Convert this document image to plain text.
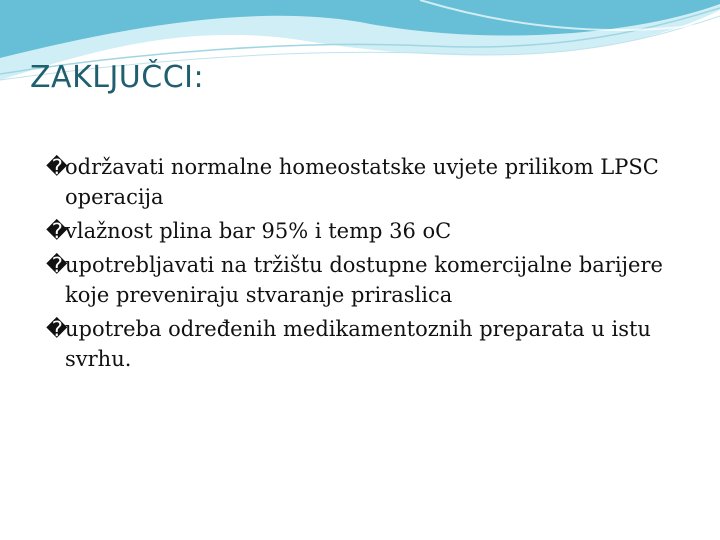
ZAKLJUČCI:
�
održavati normalne homeostatske uvjete prilikom LPSC operacija
�
vlažnost plina bar 95% i temp 36 oC
�
upotrebljavati na tržištu dostupne komercijalne barijere koje preveniraju stvaranje priraslica
�
upotreba određenih medikamentoznih preparata u istu svrhu.
